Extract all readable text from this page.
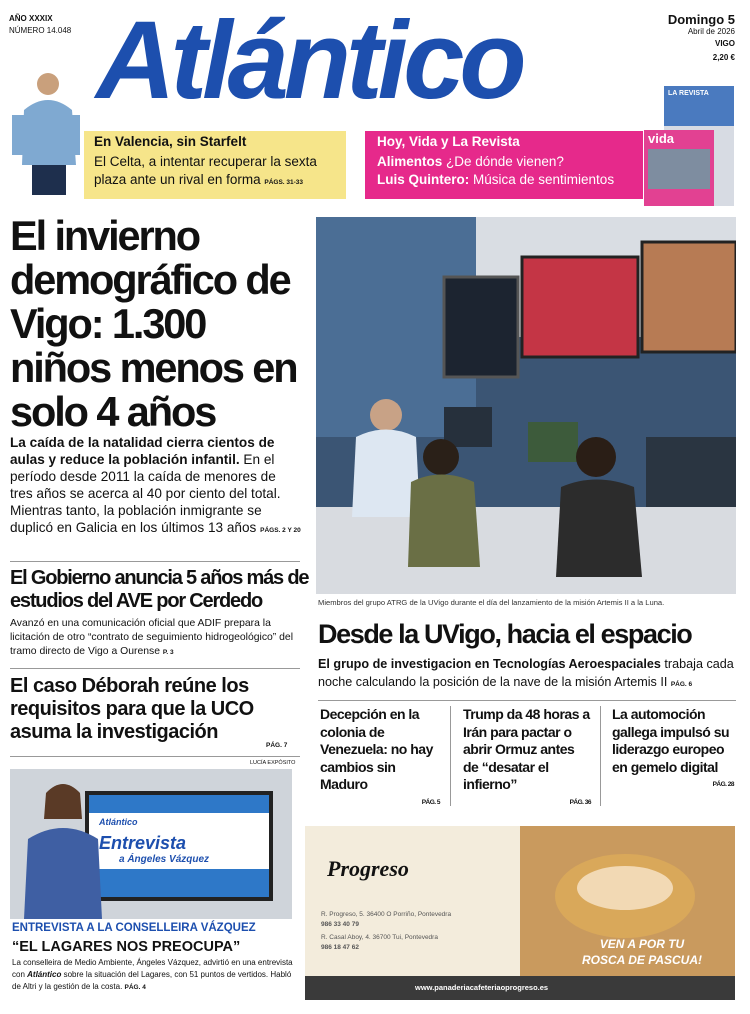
AÑO XXXIX
NÚMERO 14.048 Atlántico	Domingo 5
Abril de 2026
VIGO
2,20 €
LA REVISTA
vida
En Valencia, sin Starfelt
El Celta, a intentar recuperar la sexta plaza ante un rival en forma PÁGS. 31-33
Hoy, Vida y La Revista
Alimentos ¿De dónde vienen?
Luis Quintero: Música de sentimientos
El invierno demográfico de Vigo: 1.300 niños menos en solo 4 años
La caída de la natalidad cierra cientos de aulas y reduce la población infantil. En el período desde 2011 la caída de menores de tres años se acerca al 40 por ciento del total. Mientras tanto, la población inmigrante se duplicó en Galicia en los últimos 13 años PÁGS. 2 Y 20
El Gobierno anuncia 5 años más de estudios del AVE por Cerdedo
Avanzó en una comunicación oficial que ADIF prepara la licitación de otro “contrato de seguimiento hidrogeológico” del tramo directo de Vigo a Ourense P. 3
El caso Déborah reúne los requisitos para que la UCO asuma la investigación
PÁG. 7
Miembros del grupo ATRG de la UVigo durante el día del lanzamiento de la misión Artemis II a la Luna.
Desde la UVigo, hacia el espacio
El grupo de investigacion en Tecnologías Aeroespaciales trabaja cada noche calculando la posición de la nave de la misión Artemis II PÁG. 6
Decepción en la colonia de Venezuela: no hay cambios sin Maduro
PÁG. 5
Trump da 48 horas a Irán para pactar o abrir Ormuz antes de “desatar el infierno”
PÁG. 36
La automoción gallega impulsó su liderazgo europeo en gemelo digital
PÁG. 28
LUCÍA EXPÓSITO
Atlántico
Entrevista
a Ángeles Vázquez
ENTREVISTA A LA CONSELLEIRA VÁZQUEZ
“EL LAGARES NOS PREOCUPA”
La conselleira de Medio Ambiente, Ángeles Vázquez, advirtió en una entrevista con Atlántico sobre la situación del Lagares, con 51 puntos de vertidos. Habló de Altri y la gestión de la costa. PÁG. 4
Progreso
R. Progreso, 5. 36400 O Porriño, Pontevedra
986 33 40 79
R. Casal Aboy, 4. 36700 Tui, Pontevedra
986 18 47 62	VEN A POR TU
ROSCA DE PASCUA!
www.panaderiacafeteriaoprogreso.es
